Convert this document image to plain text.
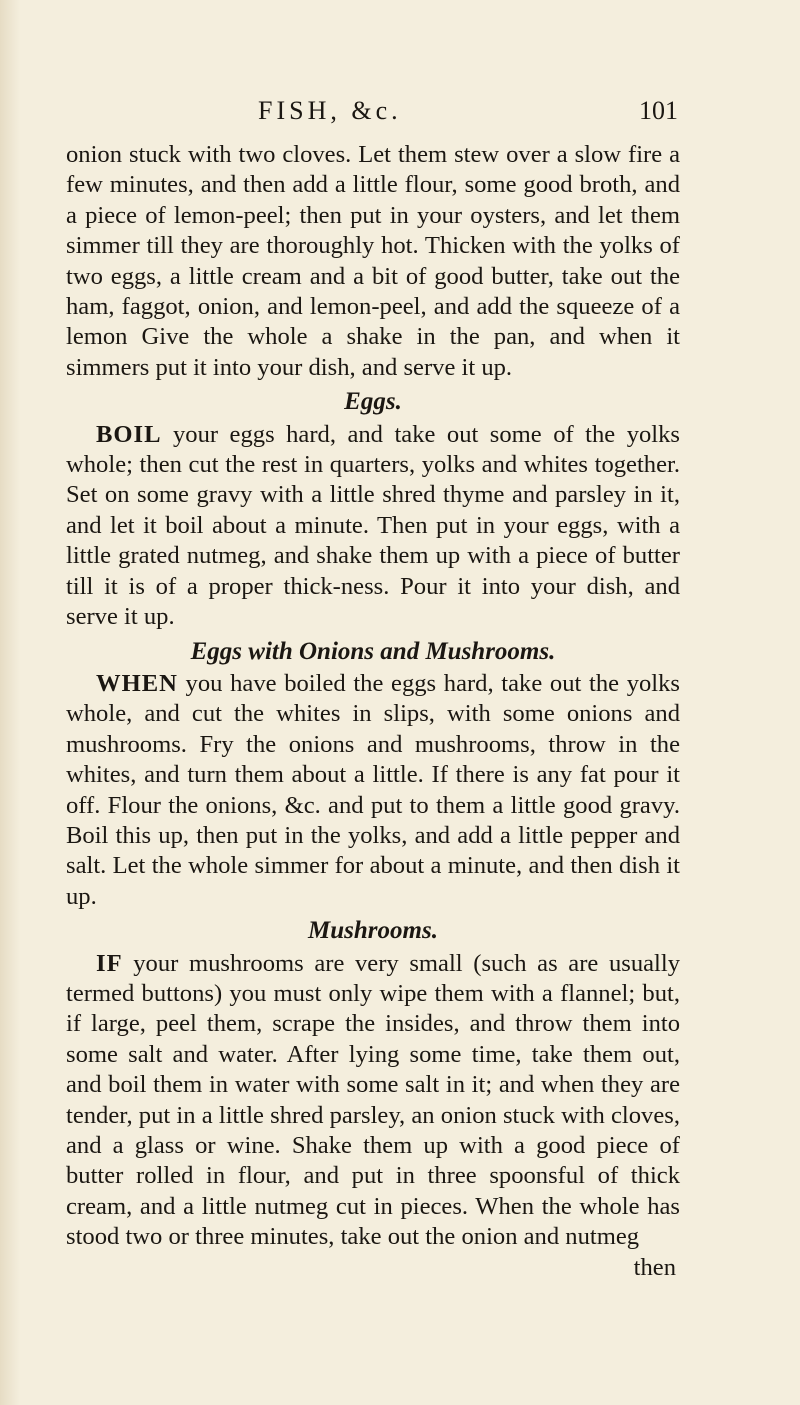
FISH, &c.	101

onion stuck with two cloves. Let them stew over a slow fire a few minutes, and then add a little flour, some good broth, and a piece of lemon-peel; then put in your oysters, and let them simmer till they are thoroughly hot. Thicken with the yolks of two eggs, a little cream and a bit of good butter, take out the ham, faggot, onion, and lemon-peel, and add the squeeze of a lemon Give the whole a shake in the pan, and when it simmers put it into your dish, and serve it up.

Eggs.

BOIL your eggs hard, and take out some of the yolks whole; then cut the rest in quarters, yolks and whites together. Set on some gravy with a little shred thyme and parsley in it, and let it boil about a minute. Then put in your eggs, with a little grated nutmeg, and shake them up with a piece of butter till it is of a proper thick-ness. Pour it into your dish, and serve it up.

Eggs with Onions and Mushrooms.

WHEN you have boiled the eggs hard, take out the yolks whole, and cut the whites in slips, with some onions and mushrooms. Fry the onions and mushrooms, throw in the whites, and turn them about a little. If there is any fat pour it off. Flour the onions, &c. and put to them a little good gravy. Boil this up, then put in the yolks, and add a little pepper and salt. Let the whole simmer for about a minute, and then dish it up.

Mushrooms.

IF your mushrooms are very small (such as are usually termed buttons) you must only wipe them with a flannel; but, if large, peel them, scrape the insides, and throw them into some salt and water. After lying some time, take them out, and boil them in water with some salt in it; and when they are tender, put in a little shred parsley, an onion stuck with cloves, and a glass or wine. Shake them up with a good piece of butter rolled in flour, and put in three spoonsful of thick cream, and a little nutmeg cut in pieces. When the whole has stood two or three minutes, take out the onion and nutmeg

then
